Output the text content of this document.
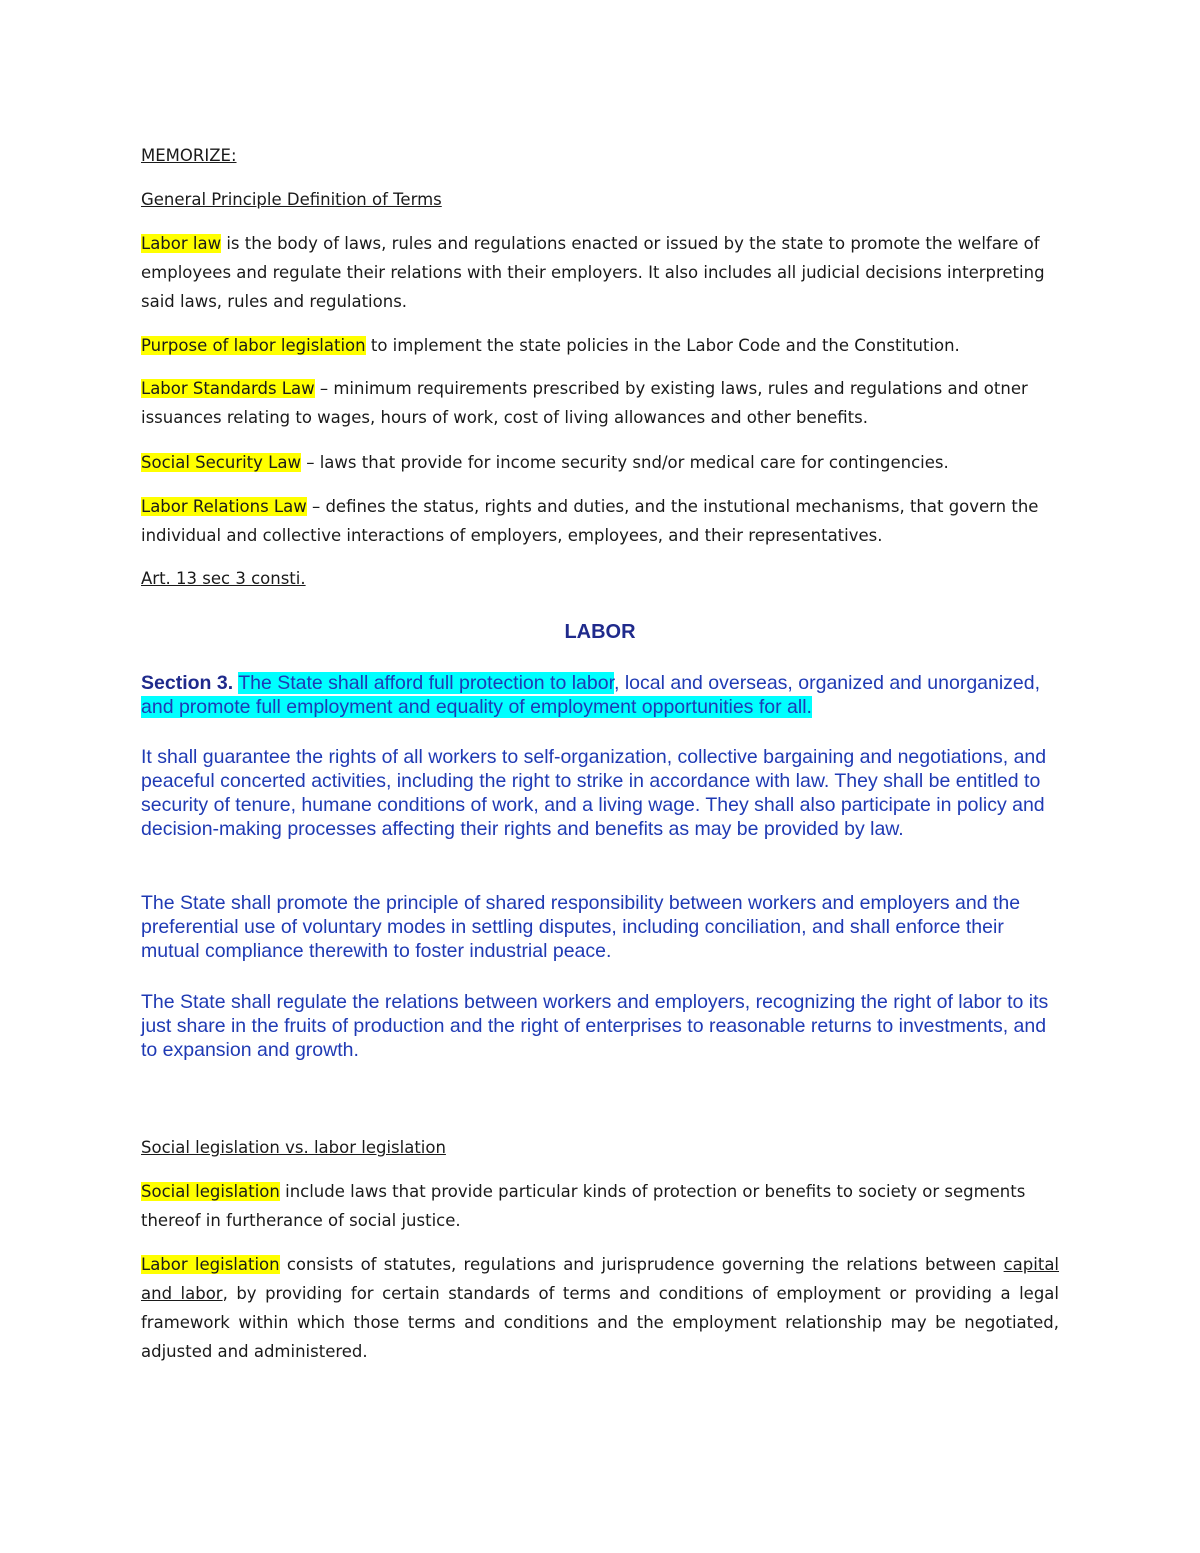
MEMORIZE:
General Principle Definition of Terms

Labor law is the body of laws, rules and regulations enacted or issued by the state to promote the welfare of employees and regulate their relations with their employers. It also includes all judicial decisions interpreting said laws, rules and regulations.

Purpose of labor legislation to implement the state policies in the Labor Code and the Constitution.

Labor Standards Law – minimum requirements prescribed by existing laws, rules and regulations and otner issuances relating to wages, hours of work, cost of living allowances and other benefits.

Social Security Law – laws that provide for income security snd/or medical care for contingencies.

Labor Relations Law – defines the status, rights and duties, and the instutional mechanisms, that govern the individual and collective interactions of employers, employees, and their representatives.

Art. 13 sec 3 consti.
LABOR

Section 3. The State shall afford full protection to labor, local and overseas, organized and unorganized, and promote full employment and equality of employment opportunities for all.

It shall guarantee the rights of all workers to self-organization, collective bargaining and negotiations, and peaceful concerted activities, including the right to strike in accordance with law. They shall be entitled to security of tenure, humane conditions of work, and a living wage. They shall also participate in policy and decision-making processes affecting their rights and benefits as may be provided by law.

The State shall promote the principle of shared responsibility between workers and employers and the preferential use of voluntary modes in settling disputes, including conciliation, and shall enforce their mutual compliance therewith to foster industrial peace.

The State shall regulate the relations between workers and employers, recognizing the right of labor to its just share in the fruits of production and the right of enterprises to reasonable returns to investments, and to expansion and growth.

Social legislation vs. labor legislation

Social legislation include laws that provide particular kinds of protection or benefits to society or segments thereof in furtherance of social justice.

Labor legislation consists of statutes, regulations and jurisprudence governing the relations between capital and labor, by providing for certain standards of terms and conditions of employment or providing a legal framework within which those terms and conditions and the employment relationship may be negotiated, adjusted and administered.
